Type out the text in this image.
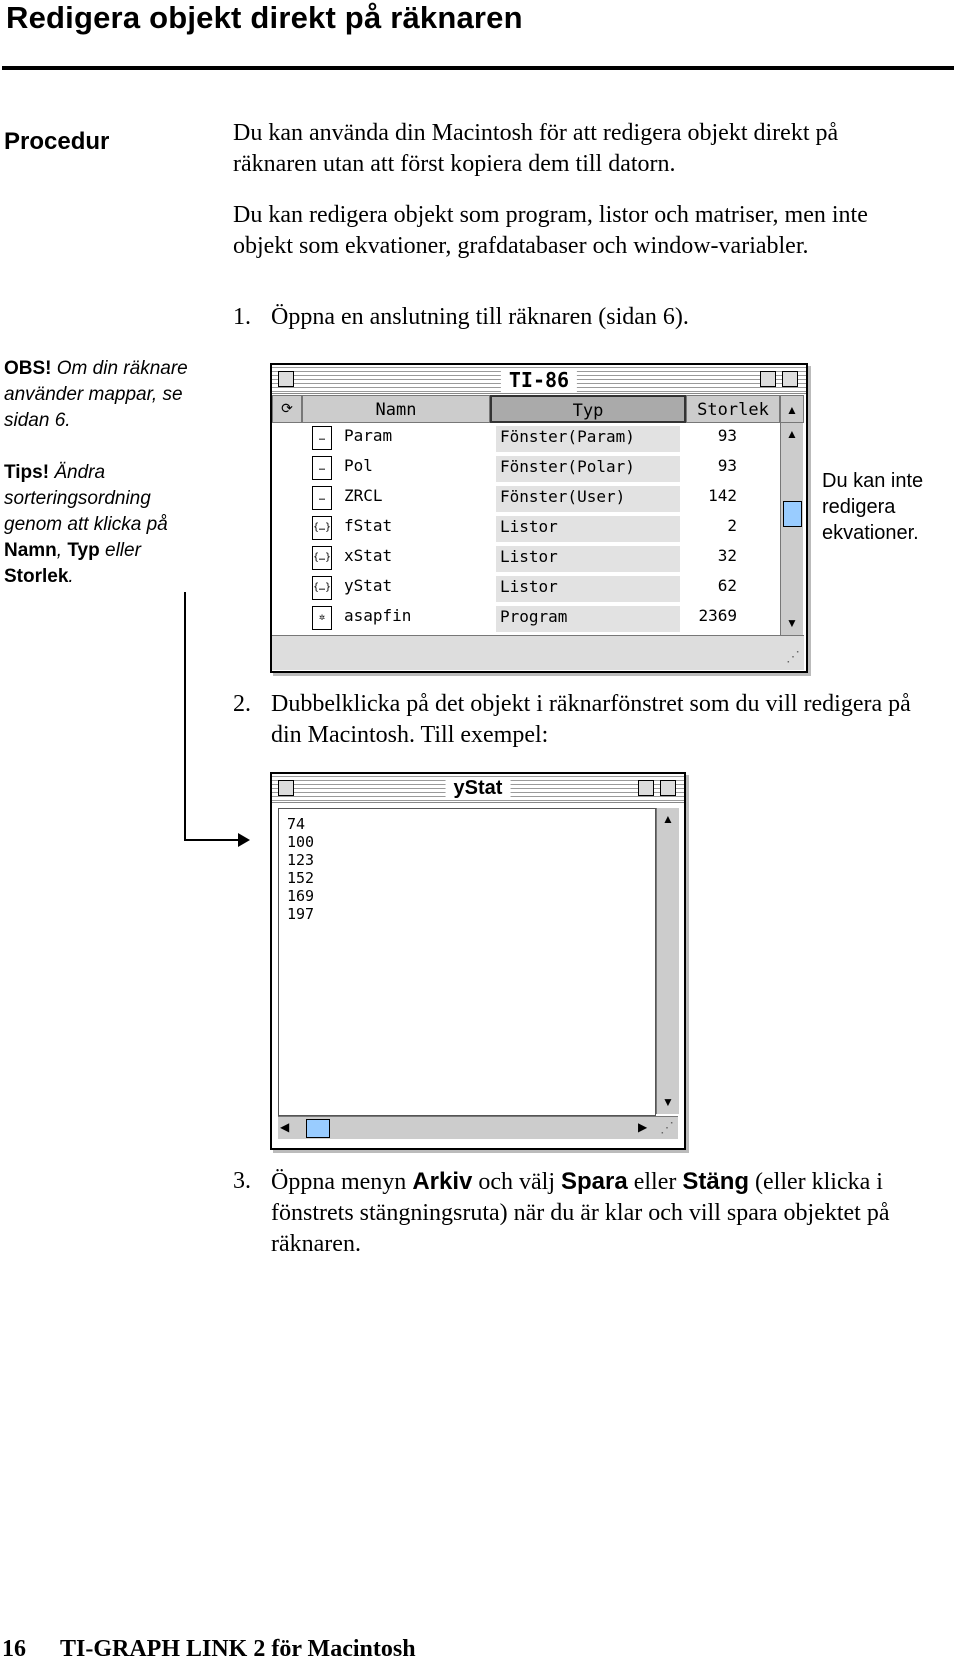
Redigera objekt direkt på räknaren
Procedur	Du kan använda din Macintosh för att redigera objekt direkt på räknaren utan att först kopiera dem till datorn.
Du kan redigera objekt som program, listor och matriser, men inte objekt som ekvationer, grafdatabaser och window-variabler.
1. Öppna en anslutning till räknaren (sidan 6).
OBS! Om din räknare använder mappar, se sidan 6.
Tips! Ändra sorteringsordning genom att klicka på Namn, Typ eller Storlek.
TI-86
⟳	Namn	Typ	Storlek	▲
…	Param	Fönster(Param)	93
…	Pol	Fönster(Polar)	93
…	ZRCL	Fönster(User)	142
{…} fStat	Listor	2
{…} xStat	Listor	32
{…} yStat	Listor	62
✲	asapfin	Program	2369
▲
▼
⋰
Du kan inte redigera ekvationer.
2. Dubbelklicka på det objekt i räknarfönstret som du vill redigera på din Macintosh. Till exempel:
yStat
74
100
123
152
169
197
▲
▼
◀	▶ ⋰
3. Öppna menyn Arkiv och välj Spara eller Stäng (eller klicka i fönstrets stängningsruta) när du är klar och vill spara objektet på räknaren.
16 TI-GRAPH LINK 2 för Macintosh
